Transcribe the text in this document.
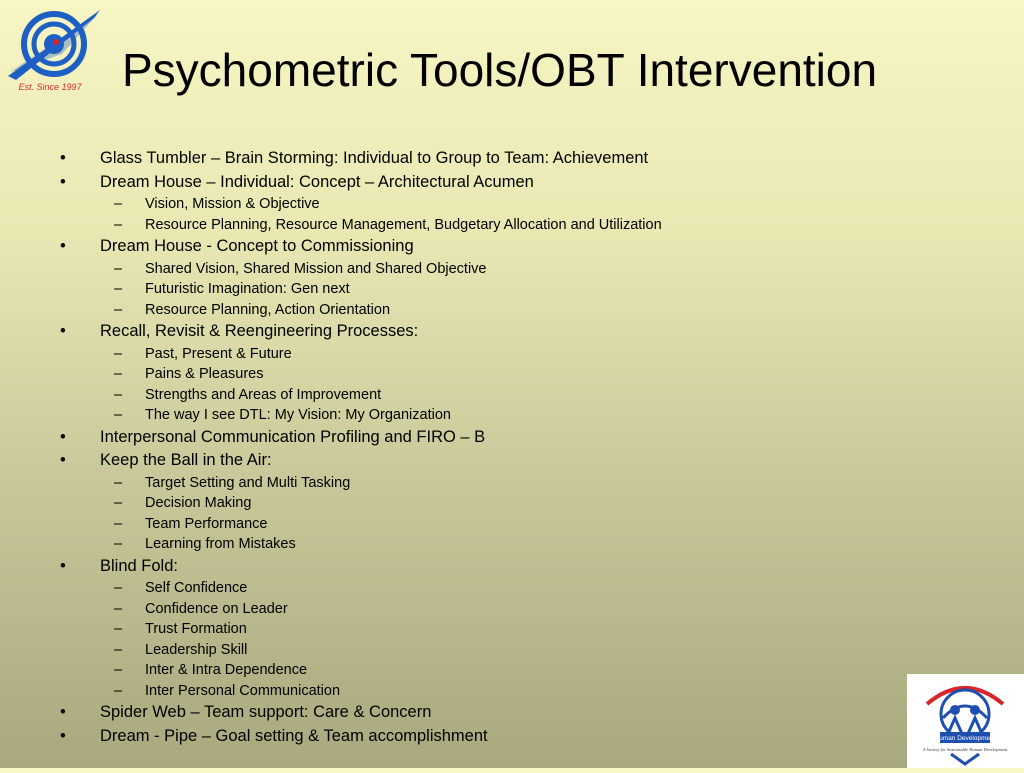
Est. Since 1997 Psychometric Tools/OBT Intervention
• Glass Tumbler – Brain Storming: Individual to Group to Team: Achievement
• Dream House – Individual: Concept – Architectural Acumen
– Vision, Mission & Objective
– Resource Planning, Resource Management, Budgetary Allocation and Utilization
• Dream House - Concept to Commissioning
– Shared Vision, Shared Mission and Shared Objective
– Futuristic Imagination: Gen next
– Resource Planning, Action Orientation
• Recall, Revisit & Reengineering Processes:
– Past, Present & Future
– Pains & Pleasures
– Strengths and Areas of Improvement
– The way I see DTL: My Vision: My Organization
• Interpersonal Communication Profiling and FIRO – B
• Keep the Ball in the Air:
– Target Setting and Multi Tasking
– Decision Making
– Team Performance
– Learning from Mistakes
• Blind Fold:
– Self Confidence
– Confidence on Leader
– Trust Formation
– Leadership Skill
– Inter & Intra Dependence
– Inter Personal Communication
• Spider Web – Team support: Care & Concern
• Dream - Pipe – Goal setting & Team accomplishment	Human Development
A Society for Sustainable Human Development
